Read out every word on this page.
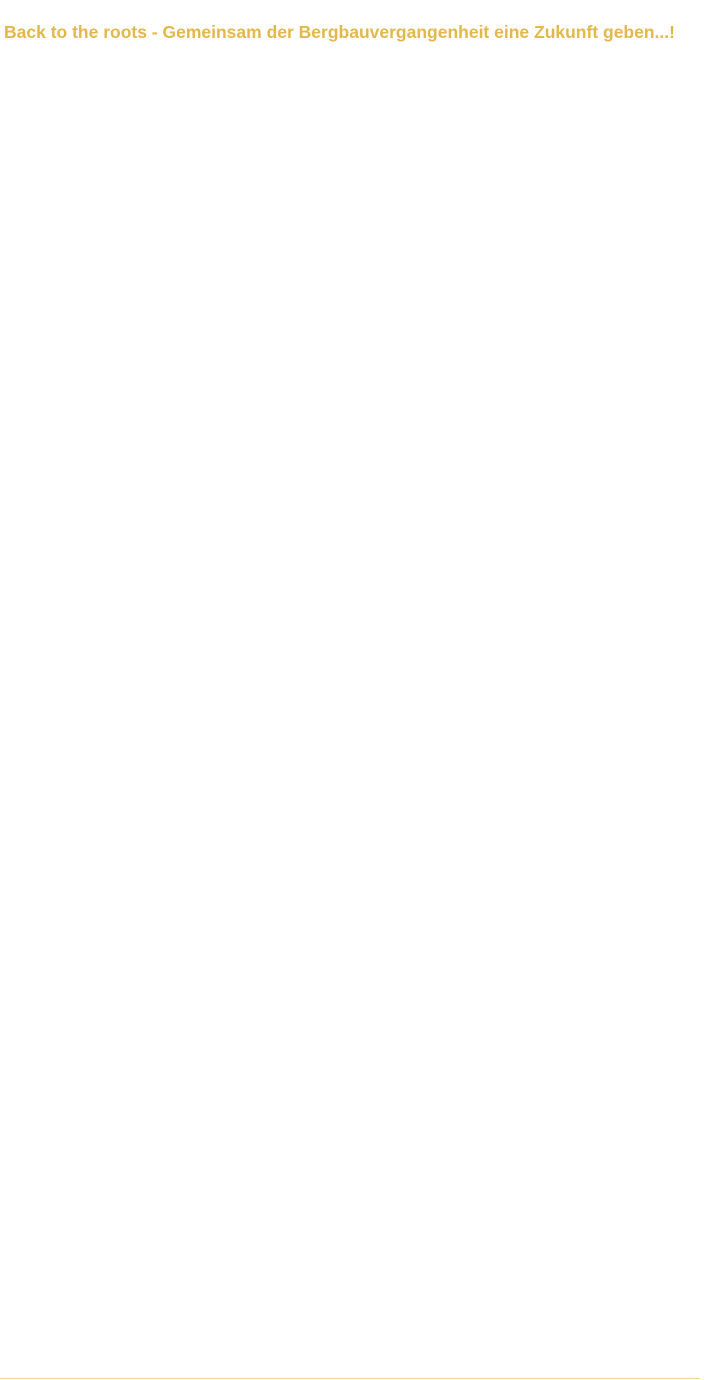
Back to the roots - Gemeinsam der Bergbauvergangenheit eine Zukunft geben...!
